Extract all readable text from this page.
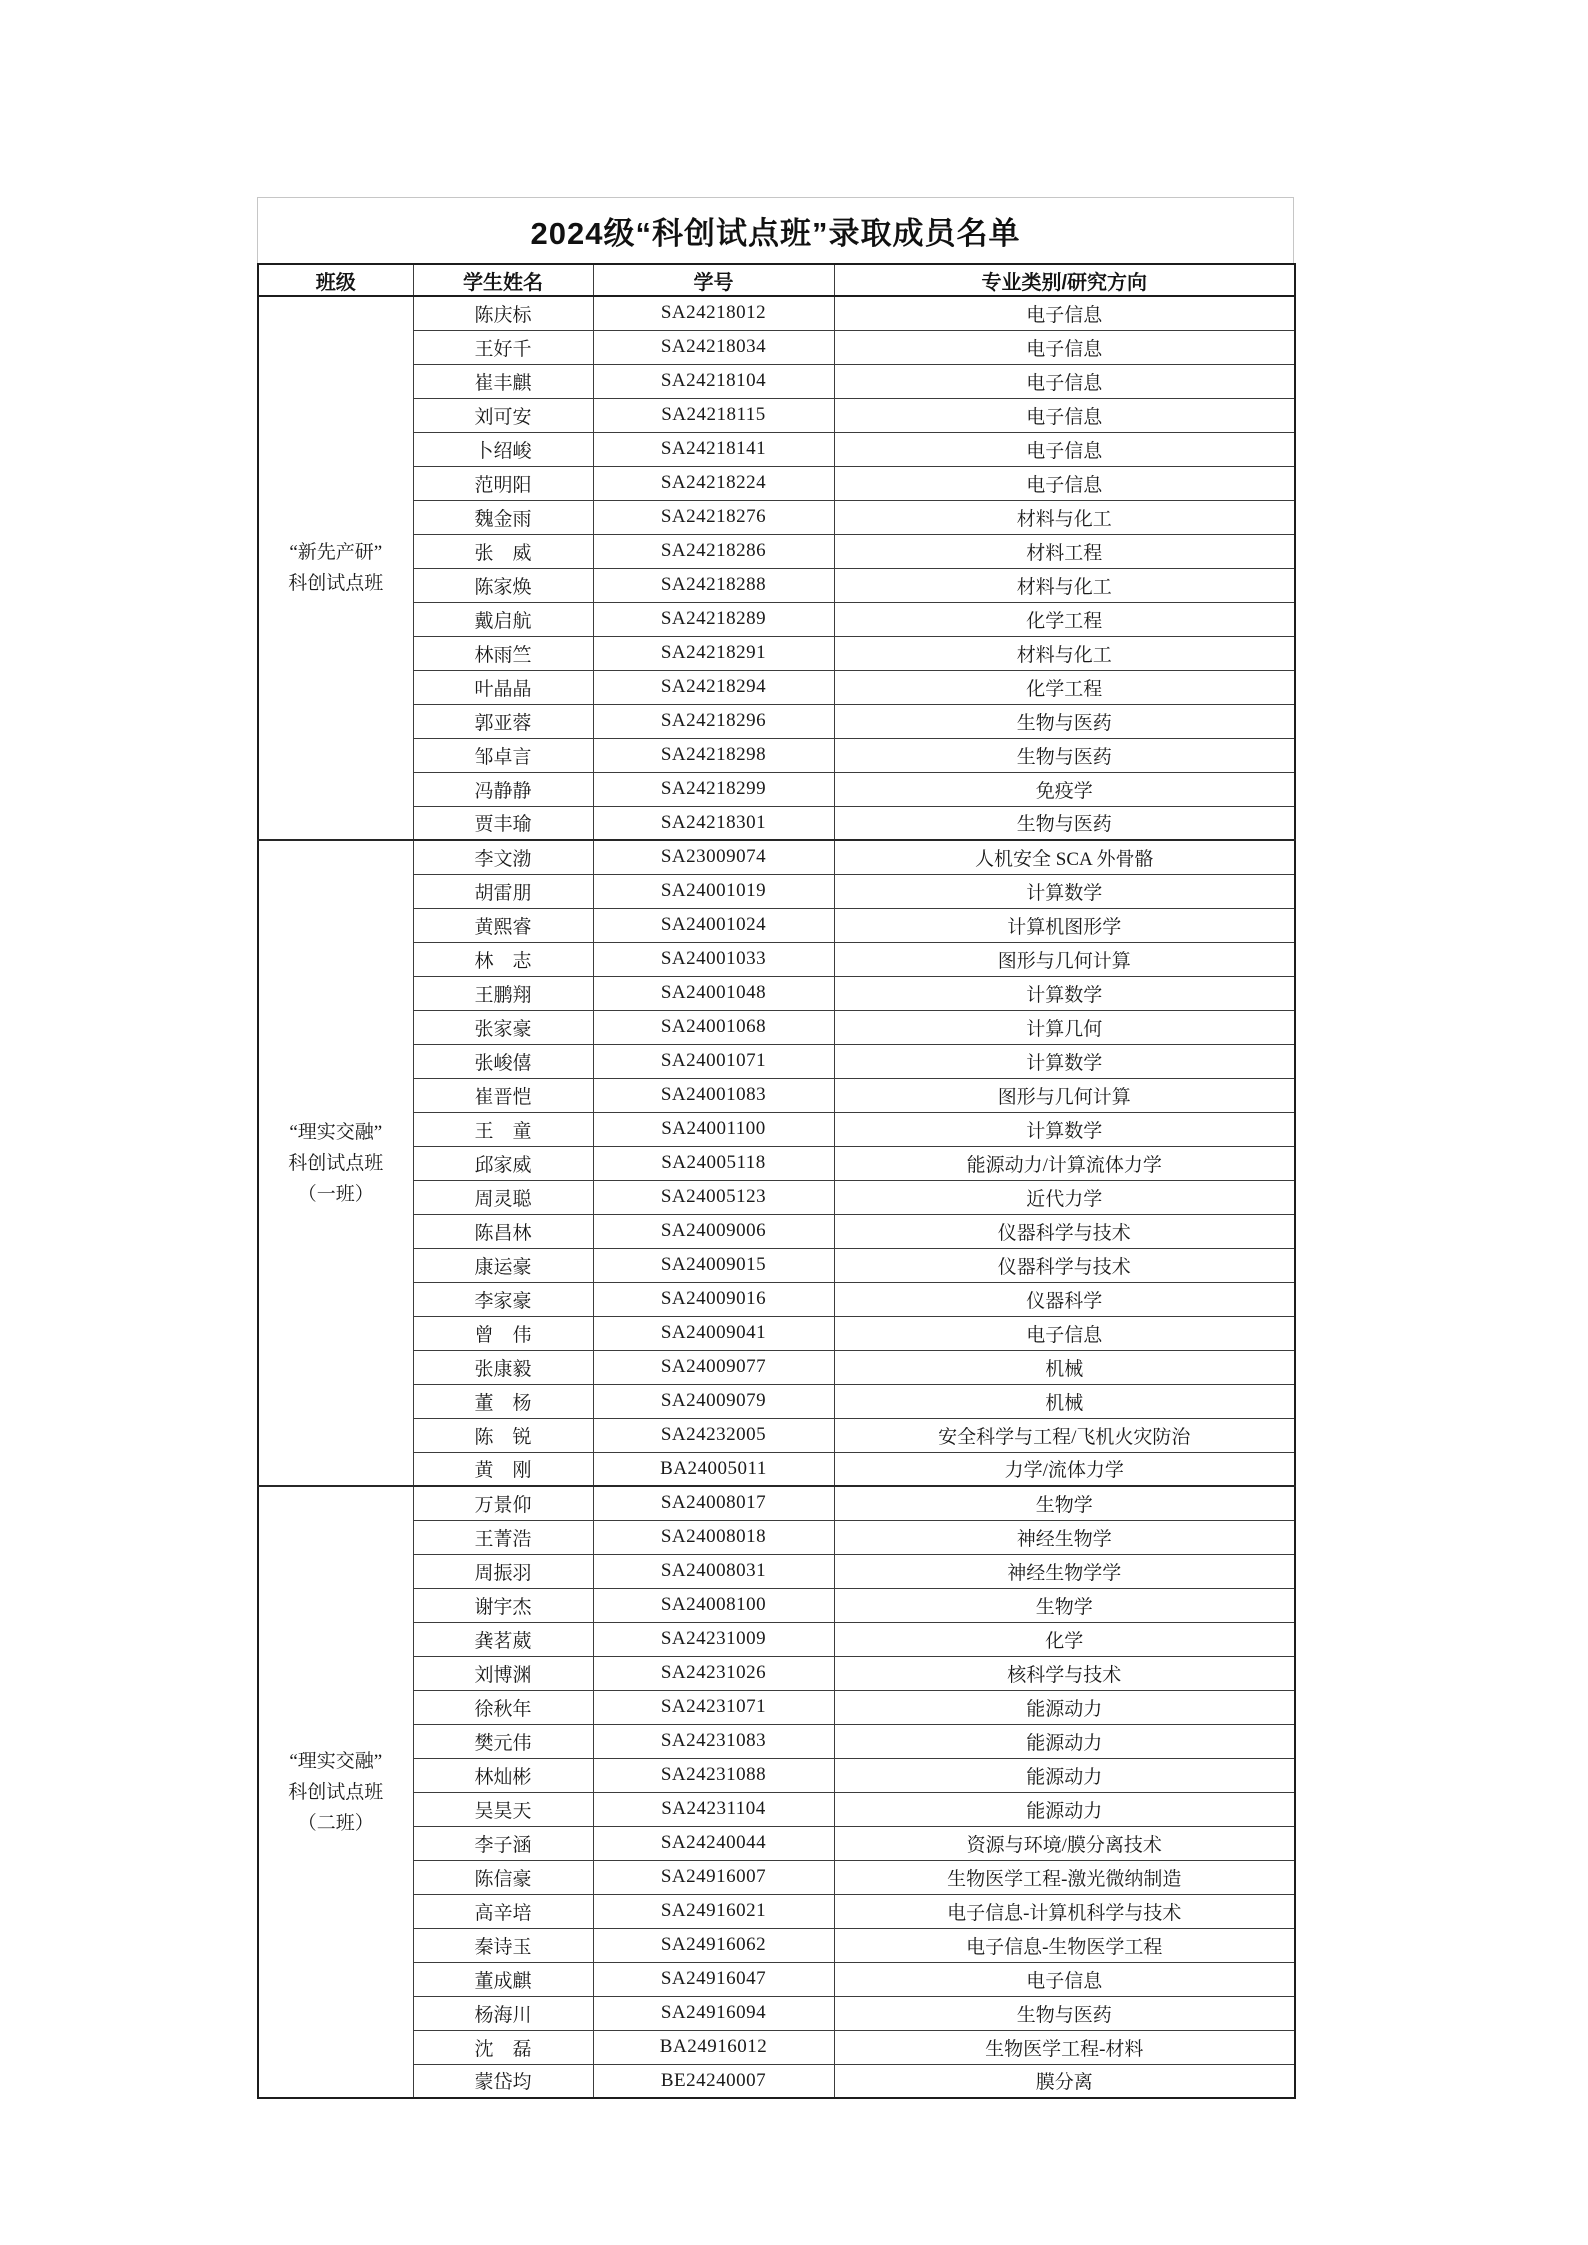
2024级“科创试点班”录取成员名单
班级	学生姓名	学号	专业类别/研究方向

“新先产研”
科创试点班	陈庆标	SA24218012	电子信息
	王好千	SA24218034	电子信息
	崔丰麒	SA24218104	电子信息
	刘可安	SA24218115	电子信息
	卜绍峻	SA24218141	电子信息
	范明阳	SA24218224	电子信息
	魏金雨	SA24218276	材料与化工
	张　威	SA24218286	材料工程
	陈家焕	SA24218288	材料与化工
	戴启航	SA24218289	化学工程
	林雨竺	SA24218291	材料与化工
	叶晶晶	SA24218294	化学工程
	郭亚蓉	SA24218296	生物与医药
	邹卓言	SA24218298	生物与医药
	冯静静	SA24218299	免疫学
	贾丰瑜	SA24218301	生物与医药

“理实交融”
科创试点班
（一班）	李文渤	SA23009074	人机安全 SCA 外骨骼
	胡雷朋	SA24001019	计算数学
	黄熙睿	SA24001024	计算机图形学
	林　志	SA24001033	图形与几何计算
	王鹏翔	SA24001048	计算数学
	张家豪	SA24001068	计算几何
	张峻僖	SA24001071	计算数学
	崔晋恺	SA24001083	图形与几何计算
	王　童	SA24001100	计算数学
	邱家威	SA24005118	能源动力/计算流体力学
	周灵聪	SA24005123	近代力学
	陈昌林	SA24009006	仪器科学与技术
	康运豪	SA24009015	仪器科学与技术
	李家豪	SA24009016	仪器科学
	曾　伟	SA24009041	电子信息
	张康毅	SA24009077	机械
	董　杨	SA24009079	机械
	陈　锐	SA24232005	安全科学与工程/飞机火灾防治
	黄　刚	BA24005011	力学/流体力学

“理实交融”
科创试点班
（二班）	万景仰	SA24008017	生物学
	王菁浩	SA24008018	神经生物学
	周振羽	SA24008031	神经生物学学
	谢宇杰	SA24008100	生物学
	龚茗葳	SA24231009	化学
	刘博渊	SA24231026	核科学与技术
	徐秋年	SA24231071	能源动力
	樊元伟	SA24231083	能源动力
	林灿彬	SA24231088	能源动力
	吴昊天	SA24231104	能源动力
	李子涵	SA24240044	资源与环境/膜分离技术
	陈信豪	SA24916007	生物医学工程-激光微纳制造
	高辛培	SA24916021	电子信息-计算机科学与技术
	秦诗玉	SA24916062	电子信息-生物医学工程
	董成麒	SA24916047	电子信息
	杨海川	SA24916094	生物与医药
	沈　磊	BA24916012	生物医学工程-材料
	蒙岱均	BE24240007	膜分离
